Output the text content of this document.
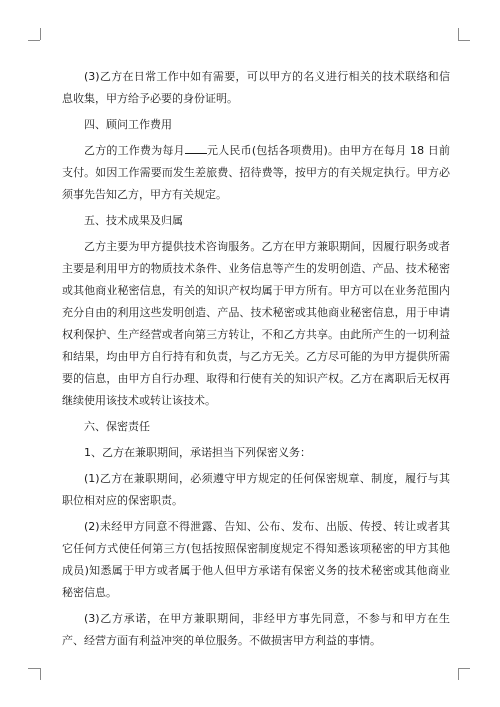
(3)乙方在日常工作中如有需要，可以甲方的名义进行相关的技术联络和信息收集，甲方给予必要的身份证明。

四、顾问工作费用

乙方的工作费为每月 元人民币(包括各项费用)。由甲方在每月 18 日前支付。如因工作需要而发生差旅费、招待费等，按甲方的有关规定执行。甲方必须事先告知乙方，甲方有关规定。

五、技术成果及归属

乙方主要为甲方提供技术咨询服务。乙方在甲方兼职期间，因履行职务或者主要是利用甲方的物质技术条件、业务信息等产生的发明创造、产品、技术秘密或其他商业秘密信息，有关的知识产权均属于甲方所有。甲方可以在业务范围内充分自由的利用这些发明创造、产品、技术秘密或其他商业秘密信息，用于申请权利保护、生产经营或者向第三方转让，不和乙方共享。由此所产生的一切利益和结果，均由甲方自行持有和负责，与乙方无关。乙方尽可能的为甲方提供所需要的信息，由甲方自行办理、取得和行使有关的知识产权。乙方在离职后无权再继续使用该技术或转让该技术。

六、保密责任

1、乙方在兼职期间，承诺担当下列保密义务：

(1)乙方在兼职期间，必须遵守甲方规定的任何保密规章、制度，履行与其职位相对应的保密职责。

(2)未经甲方同意不得泄露、告知、公布、发布、出版、传授、转让或者其它任何方式使任何第三方(包括按照保密制度规定不得知悉该项秘密的甲方其他成员)知悉属于甲方或者属于他人但甲方承诺有保密义务的技术秘密或其他商业秘密信息。

(3)乙方承诺，在甲方兼职期间，非经甲方事先同意，不参与和甲方在生产、经营方面有利益冲突的单位服务。不做损害甲方利益的事情。
